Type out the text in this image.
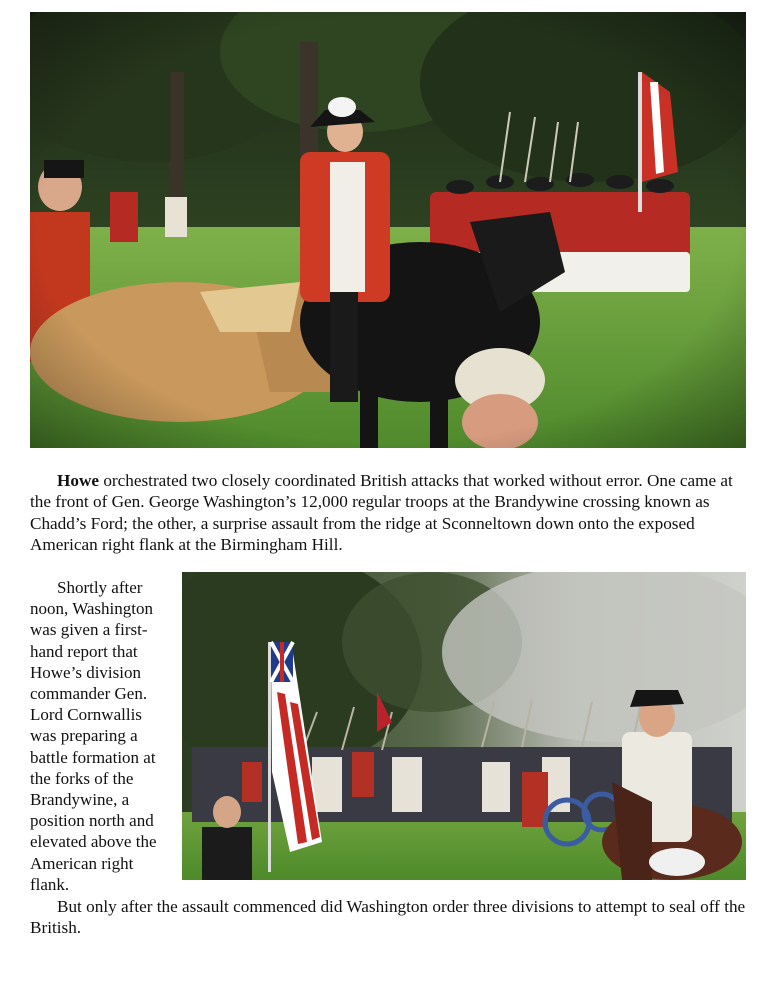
Howe orchestrated two closely coordinated British attacks that worked without error. One came at the front of Gen. George Washington’s 12,000 regular troops at the Brandywine crossing known as Chadd’s Ford; the other, a surprise assault from the ridge at Sconneltown down onto the exposed American right flank at the Birmingham Hill.

Shortly after
noon, Washington
was given a first-
hand report that
Howe’s division
commander Gen.
Lord Cornwallis
was preparing a
battle formation at
the forks of the
Brandywine, a
position north and
elevated above the
American right
flank.

But only after the assault commenced did Washington order three divisions to attempt to seal off the British.
